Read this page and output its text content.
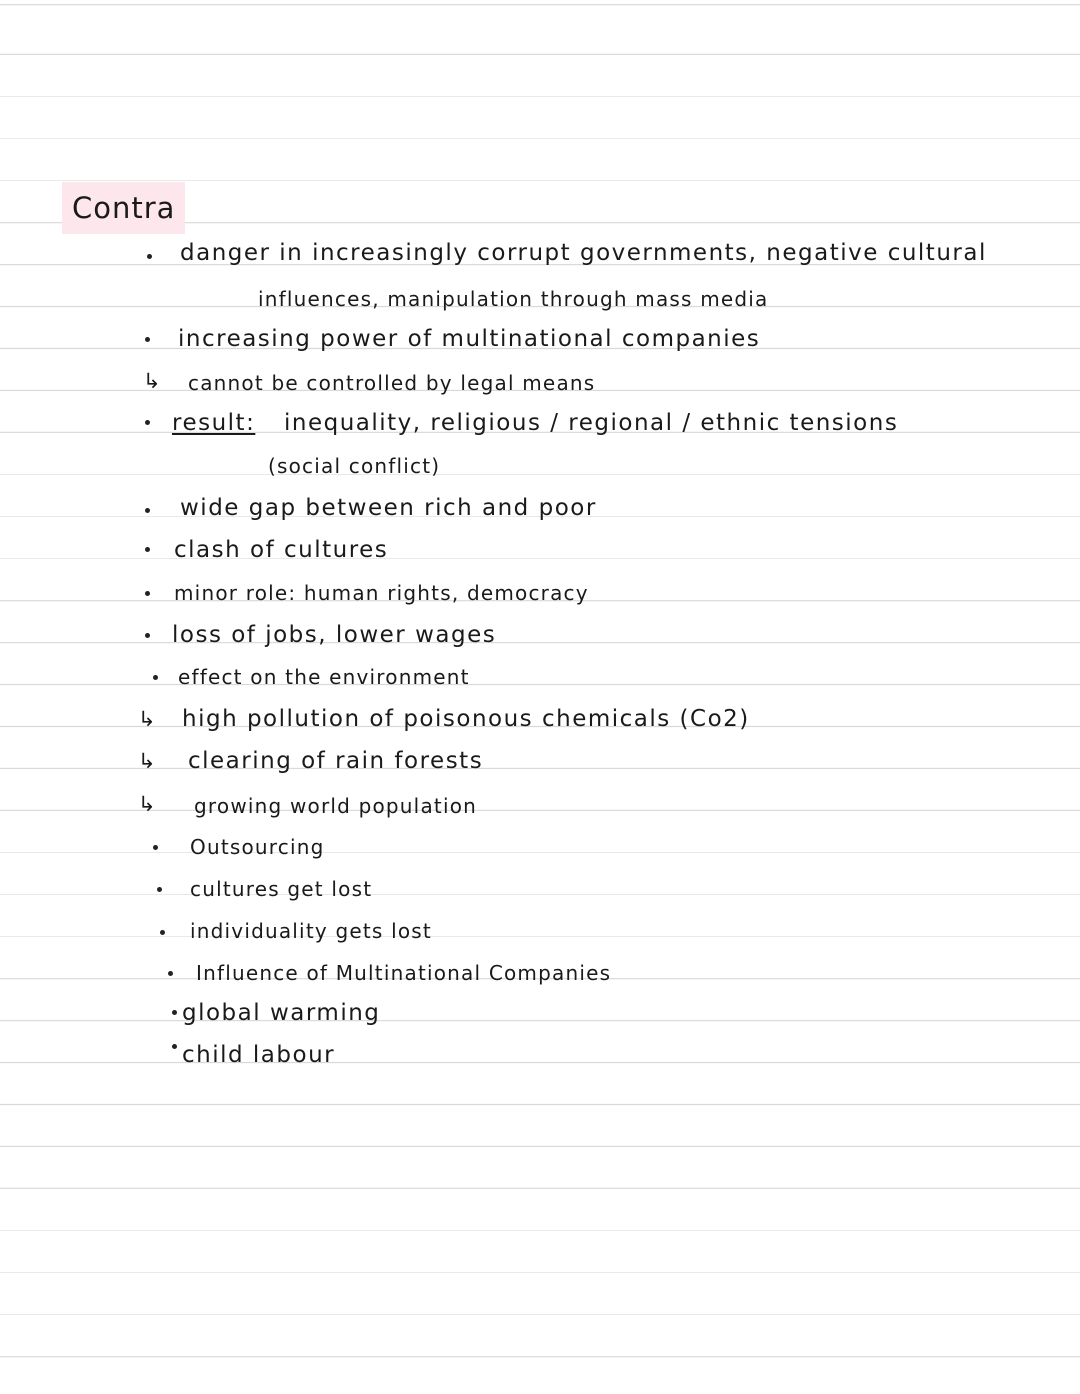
Contra
danger in increasingly corrupt governments, negative cultural
influences, manipulation through mass media
increasing power of multinational companies
↳ cannot be controlled by legal means
result: inequality, religious / regional / ethnic tensions
(social conflict)
wide gap between rich and poor
clash of cultures
minor role: human rights, democracy
loss of jobs, lower wages
effect on the environment
↳ high pollution of poisonous chemicals (Co2)
↳ clearing of rain forests
↳ growing world population
Outsourcing
cultures get lost
individuality gets lost
Influence of Multinational Companies
global warming
child labour
